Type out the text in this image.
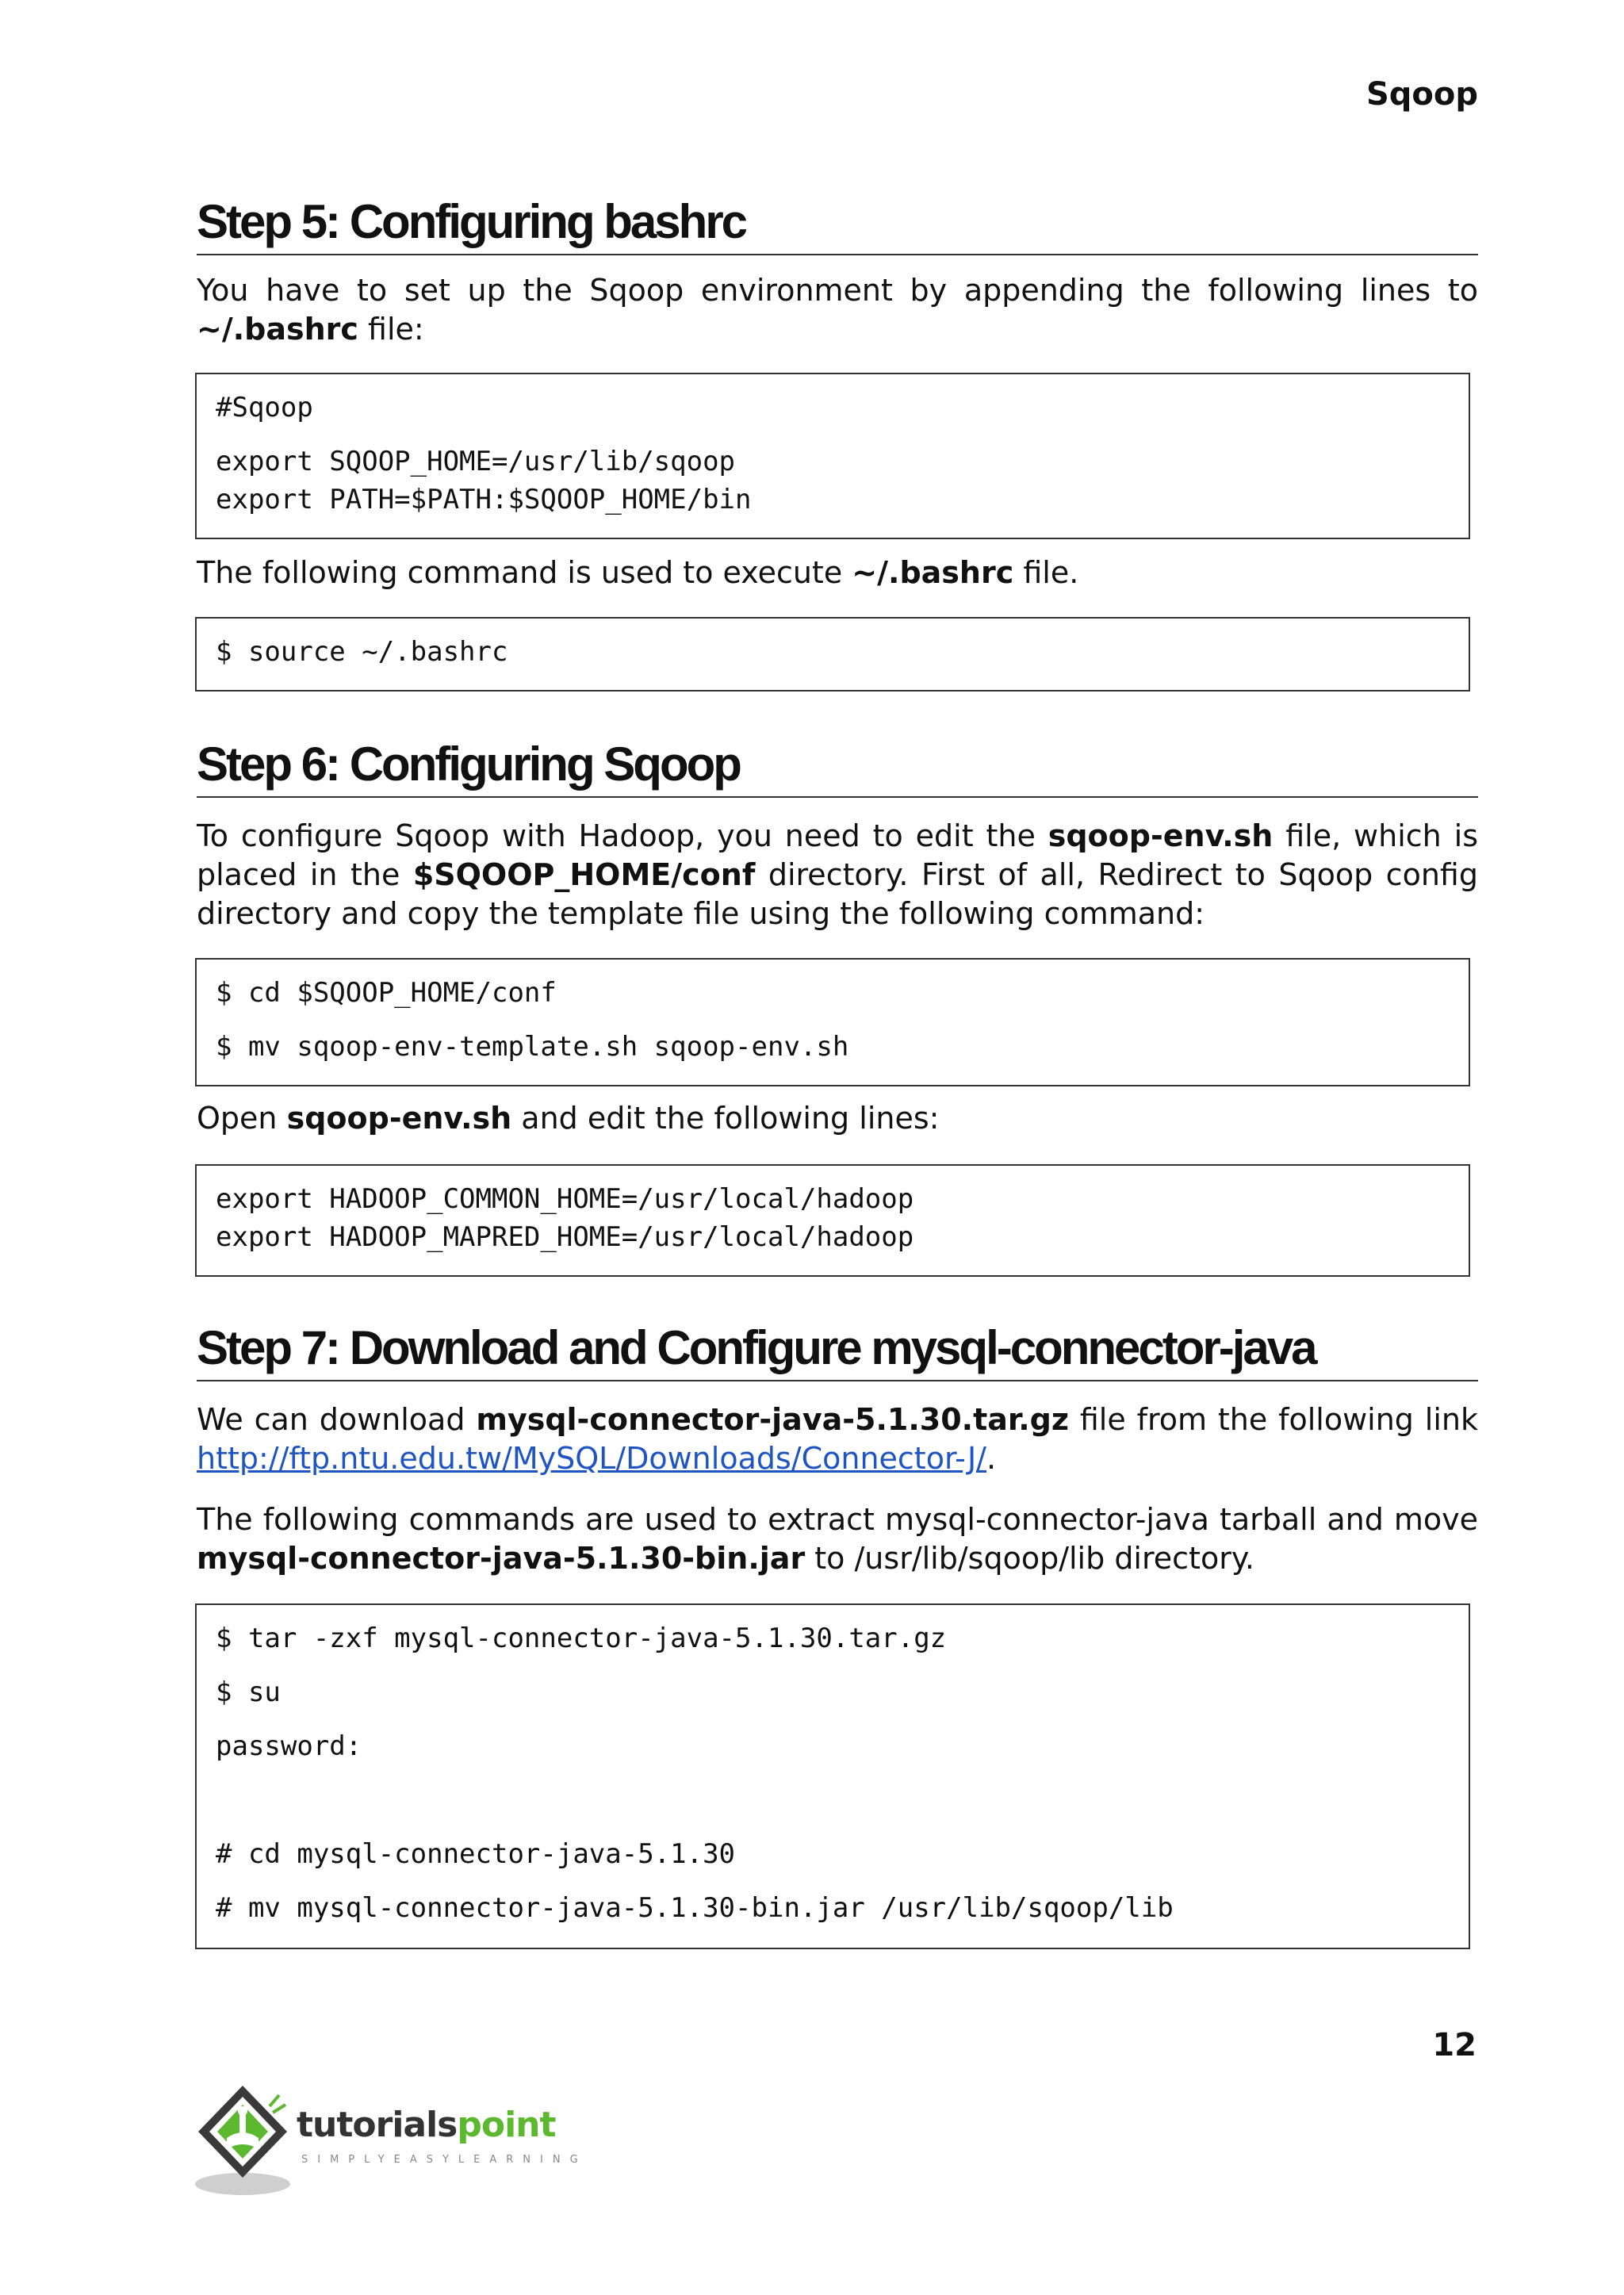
Sqoop
Step 5: Configuring bashrc
You have to set up the Sqoop environment by appending the following lines to ~/.bashrc file:
#Sqoop
export SQOOP_HOME=/usr/lib/sqoop
export PATH=$PATH:$SQOOP_HOME/bin
The following command is used to execute ~/.bashrc file.
$ source ~/.bashrc
Step 6: Configuring Sqoop
To configure Sqoop with Hadoop, you need to edit the sqoop-env.sh file, which is placed in the $SQOOP_HOME/conf directory. First of all, Redirect to Sqoop config directory and copy the template file using the following command:
$ cd $SQOOP_HOME/conf
$ mv sqoop-env-template.sh sqoop-env.sh
Open sqoop-env.sh and edit the following lines:
export HADOOP_COMMON_HOME=/usr/local/hadoop
export HADOOP_MAPRED_HOME=/usr/local/hadoop
Step 7: Download and Configure mysql-connector-java
We can download mysql-connector-java-5.1.30.tar.gz file from the following link http://ftp.ntu.edu.tw/MySQL/Downloads/Connector-J/.
The following commands are used to extract mysql-connector-java tarball and move mysql-connector-java-5.1.30-bin.jar to /usr/lib/sqoop/lib directory.
$ tar -zxf mysql-connector-java-5.1.30.tar.gz
$ su
password:
# cd mysql-connector-java-5.1.30
# mv mysql-connector-java-5.1.30-bin.jar /usr/lib/sqoop/lib
12
tutorialspoint
SIMPLYEASYLEARNING
